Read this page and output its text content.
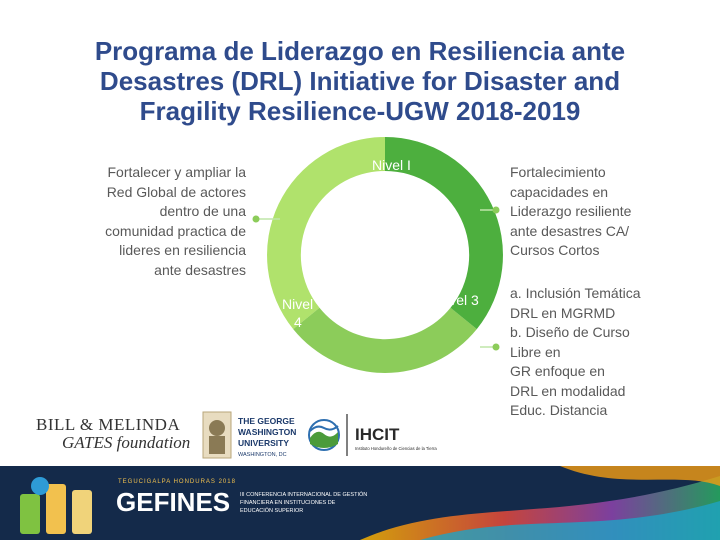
Programa de Liderazgo en Resiliencia ante
Desastres (DRL) Initiative for Disaster and
Fragility Resilience-UGW 2018-2019
Nivel I
Nivel 3
Nivel
4
Fortalecer y ampliar la
Red Global de actores
dentro de una
comunidad practica de
lideres en resiliencia
ante desastres
Fortalecimiento
capacidades en
Liderazgo resiliente
ante desastres CA/
Cursos Cortos
a. Inclusión Temática
DRL en MGRMD
b. Diseño de Curso
Libre en
GR enfoque en
DRL en modalidad
Educ. Distancia
BILL & MELINDA
GATES foundation
THE GEORGE
WASHINGTON
UNIVERSITY
WASHINGTON, DC
IHCIT
Instituto Hondureño de Ciencias de la Tierra
TEGUCIGALPA HONDURAS 2018
GEFINES III CONFERENCIA INTERNACIONAL DE GESTIÓN
FINANCIERA EN INSTITUCIONES DE
EDUCACIÓN SUPERIOR
